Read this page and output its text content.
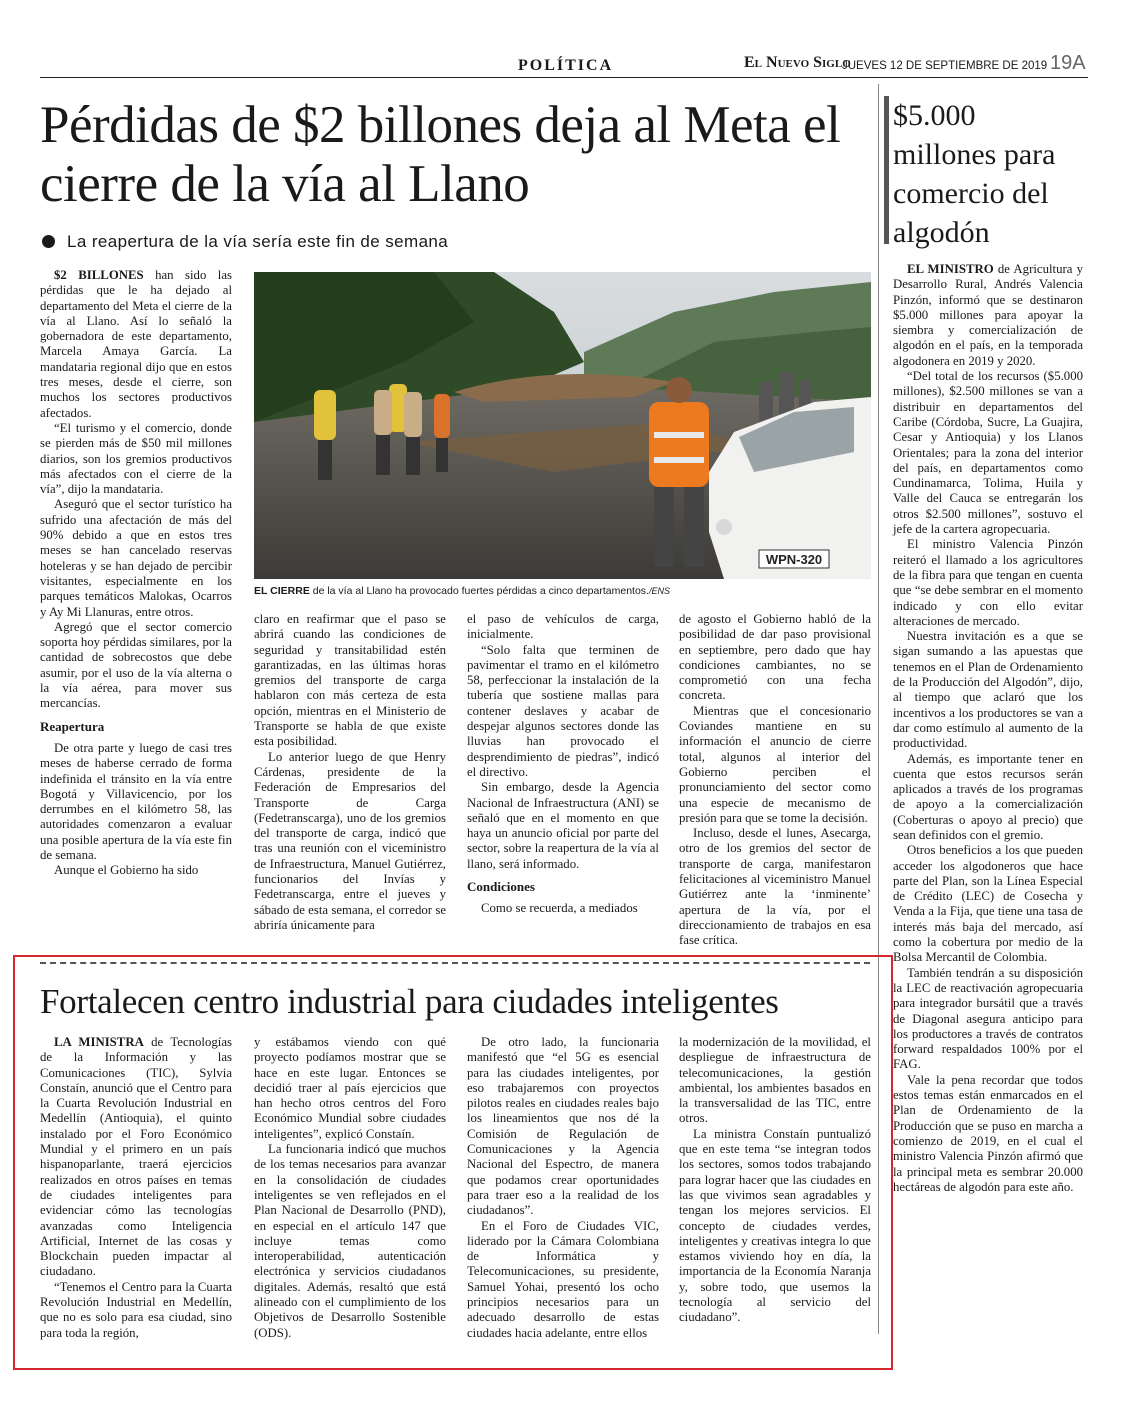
POLÍTICA	El Nuevo Siglo
JUEVES 12 DE SEPTIEMBRE DE 2019 19A
Pérdidas de $2 billones deja al Meta el cierre de la vía al Llano
La reapertura de la vía sería este fin de semana
WPN-320
EL CIERRE de la vía al Llano ha provocado fuertes pérdidas a cinco departamentos./ENS

$2 BILLONES han sido las pérdidas que le ha dejado al departamento del Meta el cierre de la vía al Llano. Así lo señaló la gobernadora de este departamento, Marcela Amaya García. La mandataria regional dijo que en estos tres meses, desde el cierre, son muchos los sectores productivos afectados.

“El turismo y el comercio, donde se pierden más de $50 mil millones diarios, son los gremios productivos más afectados con el cierre de la vía”, dijo la mandataria.

Aseguró que el sector turístico ha sufrido una afectación de más del 90% debido a que en estos tres meses se han cancelado reservas hoteleras y se han dejado de percibir visitantes, especialmente en los parques temáticos Malokas, Ocarros y Ay Mi Llanuras, entre otros.

Agregó que el sector comercio soporta hoy pérdidas similares, por la cantidad de sobrecostos que debe asumir, por el uso de la vía alterna o la vía aérea, para mover sus mercancías.

Reapertura

De otra parte y luego de casi tres meses de haberse cerrado de forma indefinida el tránsito en la vía entre Bogotá y Villavicencio, por los derrumbes en el kilómetro 58, las autoridades comenzaron a evaluar una posible apertura de la vía este fin de semana.

Aunque el Gobierno ha sido

claro en reafirmar que el paso se abrirá cuando las condiciones de seguridad y transitabilidad estén garantizadas, en las últimas horas gremios del transporte de carga hablaron con más certeza de esta opción, mientras en el Ministerio de Transporte se habla de que existe esta posibilidad.

Lo anterior luego de que Henry Cárdenas, presidente de la Federación de Empresarios del Transporte de Carga (Fedetranscarga), uno de los gremios del transporte de carga, indicó que tras una reunión con el viceministro de Infraestructura, Manuel Gutiérrez, funcionarios del Invías y Fedetranscarga, entre el jueves y sábado de esta semana, el corredor se abriría únicamente para

el paso de vehículos de carga, inicialmente.

“Solo falta que terminen de pavimentar el tramo en el kilómetro 58, perfeccionar la instalación de la tubería que sostiene mallas para contener deslaves y acabar de despejar algunos sectores donde las lluvias han provocado el desprendimiento de piedras”, indicó el directivo.

Sin embargo, desde la Agencia Nacional de Infraestructura (ANI) se señaló que en el momento en que haya un anuncio oficial por parte del sector, sobre la reapertura de la vía al llano, será informado.

Condiciones

Como se recuerda, a mediados

de agosto el Gobierno habló de la posibilidad de dar paso provisional en septiembre, pero dado que hay condiciones cambiantes, no se comprometió con una fecha concreta.

Mientras que el concesionario Coviandes mantiene en su información el anuncio de cierre total, algunos al interior del Gobierno perciben el pronunciamiento del sector como una especie de mecanismo de presión para que se tome la decisión.

Incluso, desde el lunes, Asecarga, otro de los gremios del sector de transporte de carga, manifestaron felicitaciones al viceministro Manuel Gutiérrez ante la ‘inminente’ apertura de la vía, por el direccionamiento de trabajos en esa fase crítica.

$5.000 millones para comercio del algodón

EL MINISTRO de Agricultura y Desarrollo Rural, Andrés Valencia Pinzón, informó que se destinaron $5.000 millones para apoyar la siembra y comercialización de algodón en el país, en la temporada algodonera en 2019 y 2020.

“Del total de los recursos ($5.000 millones), $2.500 millones se van a distribuir en departamentos del Caribe (Córdoba, Sucre, La Guajira, Cesar y Antioquia) y los Llanos Orientales; para la zona del interior del país, en departamentos como Cundinamarca, Tolima, Huila y Valle del Cauca se entregarán los otros $2.500 millones”, sostuvo el jefe de la cartera agropecuaria.

El ministro Valencia Pinzón reiteró el llamado a los agricultores de la fibra para que tengan en cuenta que “se debe sembrar en el momento indicado y con ello evitar alteraciones de mercado.

Nuestra invitación es a que se sigan sumando a las apuestas que tenemos en el Plan de Ordenamiento de la Producción del Algodón”, dijo, al tiempo que aclaró que los incentivos a los productores se van a dar como estímulo al aumento de la productividad.

Además, es importante tener en cuenta que estos recursos serán aplicados a través de los programas de apoyo a la comercialización (Coberturas o apoyo al precio) que sean definidos con el gremio.

Otros beneficios a los que pueden acceder los algodoneros que hace parte del Plan, son la Línea Especial de Crédito (LEC) de Cosecha y Venda a la Fija, que tiene una tasa de interés más baja del mercado, así como la cobertura por medio de la Bolsa Mercantil de Colombia.

También tendrán a su disposición la LEC de reactivación agropecuaria para integrador bursátil que a través de Diagonal asegura anticipo para los productores a través de contratos forward respaldados 100% por el FAG.

Vale la pena recordar que todos estos temas están enmarcados en el Plan de Ordenamiento de la Producción que se puso en marcha a comienzo de 2019, en el cual el ministro Valencia Pinzón afirmó que la principal meta es sembrar 20.000 hectáreas de algodón para este año.

Fortalecen centro industrial para ciudades inteligentes

LA MINISTRA de Tecnologías de la Información y las Comunicaciones (TIC), Sylvia Constaín, anunció que el Centro para la Cuarta Revolución Industrial en Medellín (Antioquia), el quinto instalado por el Foro Económico Mundial y el primero en un país hispanoparlante, traerá ejercicios realizados en otros países en temas de ciudades inteligentes para evidenciar cómo las tecnologías avanzadas como Inteligencia Artificial, Internet de las cosas y Blockchain pueden impactar al ciudadano.

“Tenemos el Centro para la Cuarta Revolución Industrial en Medellín, que no es solo para esa ciudad, sino para toda la región,

y estábamos viendo con qué proyecto podíamos mostrar que se hace en este lugar. Entonces se decidió traer al país ejercicios que han hecho otros centros del Foro Económico Mundial sobre ciudades inteligentes”, explicó Constaín.

La funcionaria indicó que muchos de los temas necesarios para avanzar en la consolidación de ciudades inteligentes se ven reflejados en el Plan Nacional de Desarrollo (PND), en especial en el artículo 147 que incluye temas como interoperabilidad, autenticación electrónica y servicios ciudadanos digitales. Además, resaltó que está alineado con el cumplimiento de los Objetivos de Desarrollo Sostenible (ODS).

De otro lado, la funcionaria manifestó que “el 5G es esencial para las ciudades inteligentes, por eso trabajaremos con proyectos pilotos reales en ciudades reales bajo los lineamientos que nos dé la Comisión de Regulación de Comunicaciones y la Agencia Nacional del Espectro, de manera que podamos crear oportunidades para traer eso a la realidad de los ciudadanos”.

En el Foro de Ciudades VIC, liderado por la Cámara Colombiana de Informática y Telecomunicaciones, su presidente, Samuel Yohai, presentó los ocho principios necesarios para un adecuado desarrollo de estas ciudades hacia adelante, entre ellos

la modernización de la movilidad, el despliegue de infraestructura de telecomunicaciones, la gestión ambiental, los ambientes basados en la transversalidad de las TIC, entre otros.

La ministra Constaín puntualizó que en este tema “se integran todos los sectores, somos todos trabajando para lograr hacer que las ciudades en las que vivimos sean agradables y tengan los mejores servicios. El concepto de ciudades verdes, inteligentes y creativas integra lo que estamos viviendo hoy en día, la importancia de la Economía Naranja y, sobre todo, que usemos la tecnología al servicio del ciudadano”.
